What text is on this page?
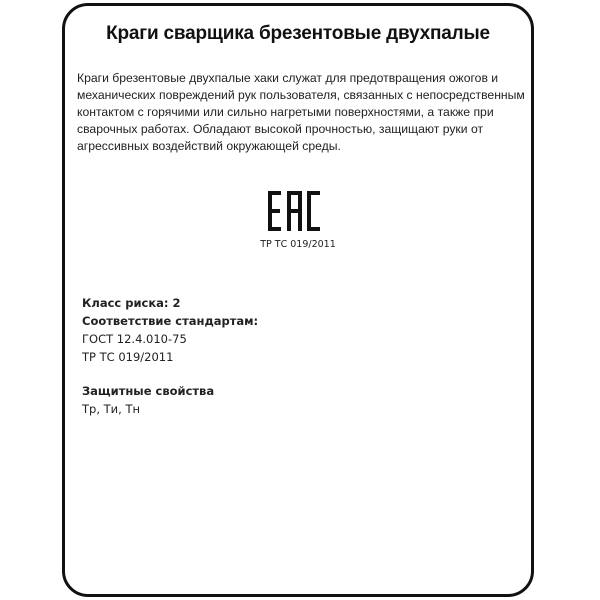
Краги сварщика брезентовые двухпалые
Краги брезентовые двухпалые хаки служат для предотвращения ожогов и механических повреждений рук пользователя, связанных с непосредственным контактом с горячими или сильно нагретыми поверхностями, а также при сварочных работах. Обладают высокой прочностью, защищают руки от агрессивных воздействий окружающей среды.
ТР ТС 019/2011
Класс риска: 2
Соответствие стандартам:
ГОСТ 12.4.010-75
ТР ТС 019/2011
Защитные свойства
Тр, Ти, Тн
